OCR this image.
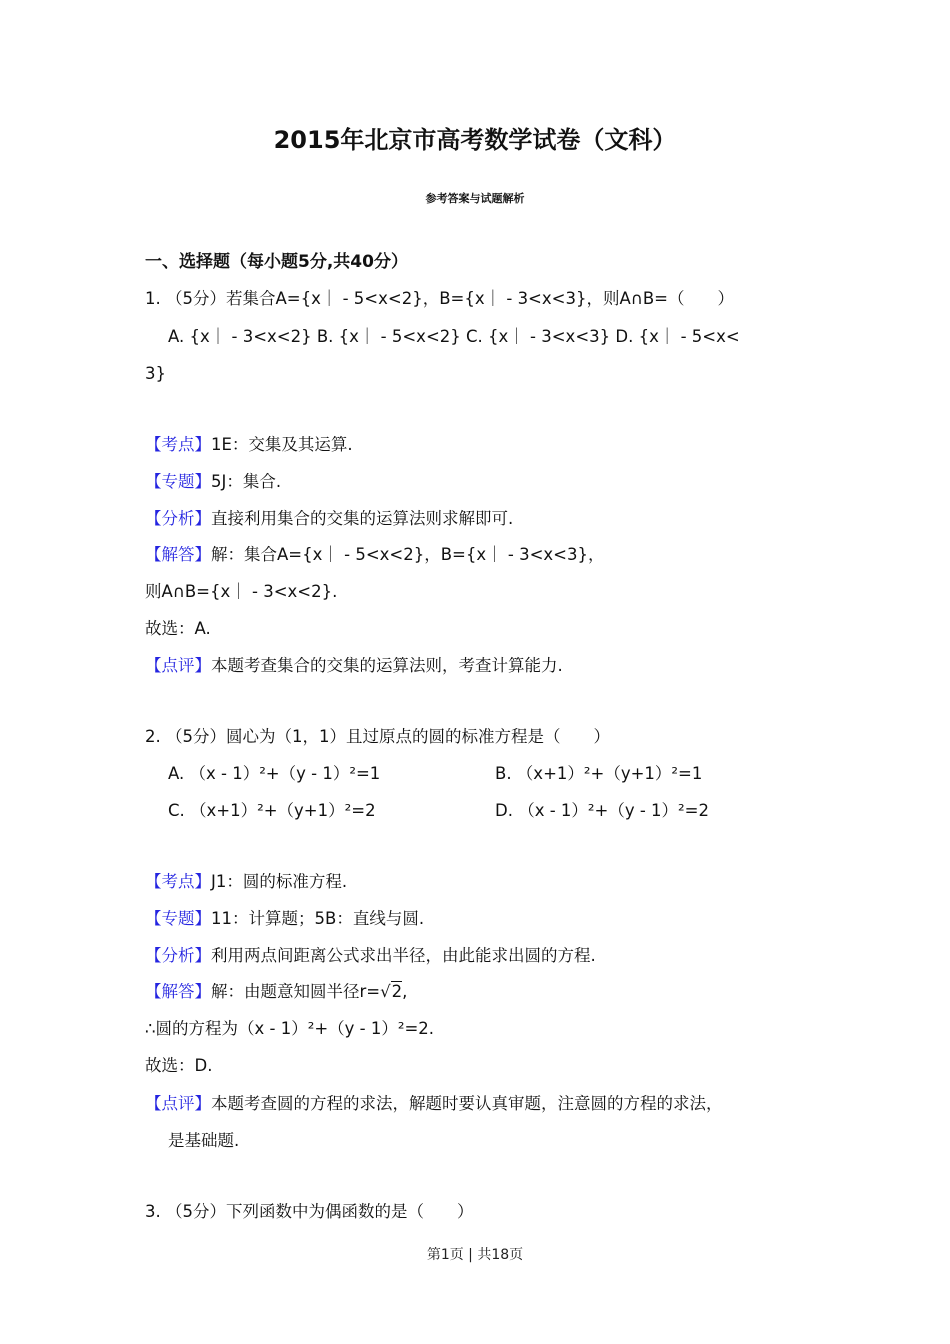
2015年北京市高考数学试卷（文科）
参考答案与试题解析
一、选择题（每小题5分,共40分）
1. （5分）若集合A={x｜ - 5<x<2}，B={x｜ - 3<x<3}，则A∩B=（　　）
A. {x｜ - 3<x<2} B. {x｜ - 5<x<2} C. {x｜ - 3<x<3} D. {x｜ - 5<x<
3}
【考点】1E：交集及其运算.
【专题】5J：集合.
【分析】直接利用集合的交集的运算法则求解即可.
【解答】解：集合A={x｜ - 5<x<2}，B={x｜ - 3<x<3}，
则A∩B={x｜ - 3<x<2}.
故选：A.
【点评】本题考查集合的交集的运算法则，考查计算能力.
2. （5分）圆心为（1，1）且过原点的圆的标准方程是（　　）
A. （x - 1）²+（y - 1）²=1	B. （x+1）²+（y+1）²=1
C. （x+1）²+（y+1）²=2	D. （x - 1）²+（y - 1）²=2
【考点】J1：圆的标准方程.
【专题】11：计算题；5B：直线与圆.
【分析】利用两点间距离公式求出半径，由此能求出圆的方程.
【解答】解：由题意知圆半径r=√2,
∴圆的方程为（x - 1）²+（y - 1）²=2.
故选：D.
【点评】本题考查圆的方程的求法，解题时要认真审题，注意圆的方程的求法，
是基础题.
3. （5分）下列函数中为偶函数的是（　　）
第1页 | 共18页
